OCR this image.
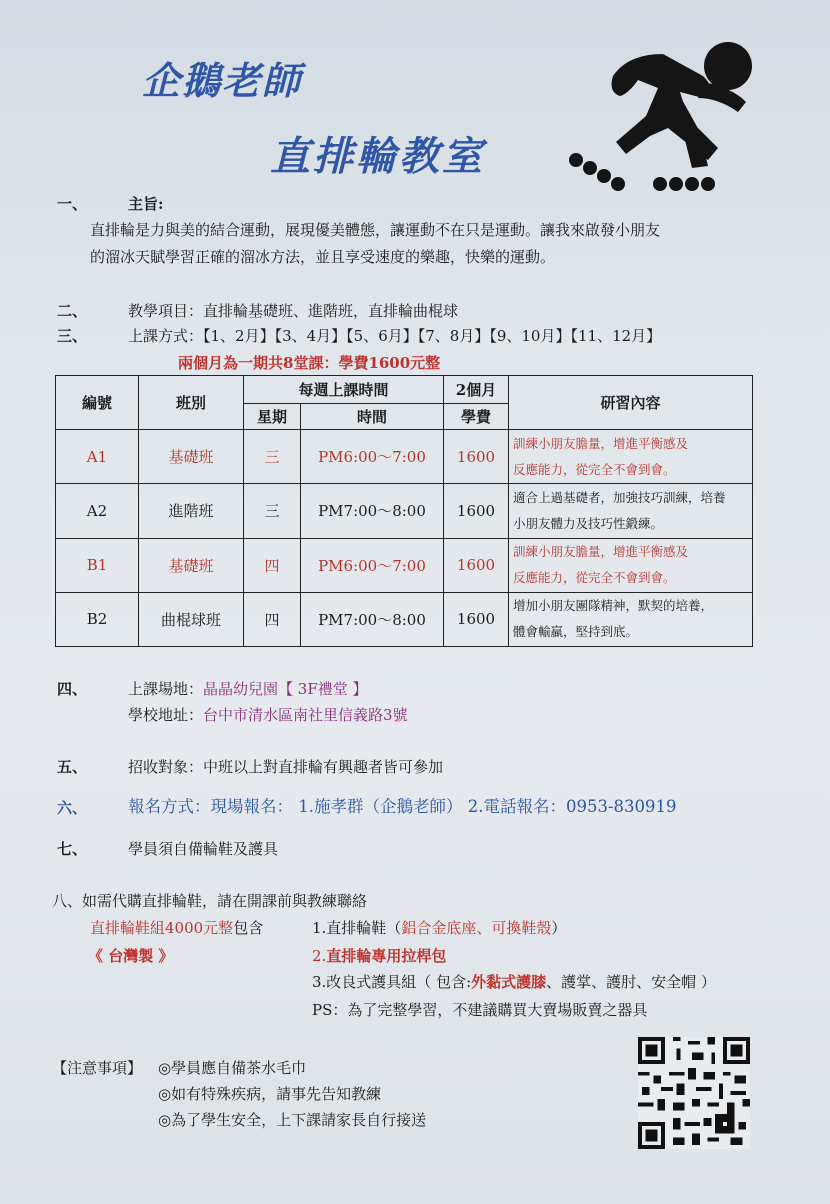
企鵝老師
直排輪教室
一、	主旨:
直排輪是力與美的結合運動，展現優美體態，讓運動不在只是運動。讓我來啟發小朋友
的溜冰天賦學習正確的溜冰方法，並且享受速度的樂趣，快樂的運動。
二、	教學項目：直排輪基礎班、進階班，直排輪曲棍球
三、	上課方式：【1、2月】【3、4月】【5、6月】【7、8月】【9、10月】【11、12月】
兩個月為一期共8堂課：學費1600元整
編號	班別	每週上課時間		2個月	研習內容
		星期	時間	學費	
A1	基礎班	三	PM6:00～7:00	1600	訓練小朋友膽量，增進平衡感及
反應能力，從完全不會到會。

A2	進階班	三	PM7:00～8:00	1600	適合上過基礎者，加強技巧訓練，培養
小朋友體力及技巧性鍛練。

B1	基礎班	四	PM6:00～7:00	1600	訓練小朋友膽量，增進平衡感及
反應能力，從完全不會到會。

B2	曲棍球班	四	PM7:00～8:00	1600	增加小朋友團隊精神，默契的培養，
體會輸贏，堅持到底。
四、	上課場地：晶晶幼兒園【 3F禮堂 】
學校地址：台中市清水區南社里信義路3號
五、	招收對象：中班以上對直排輪有興趣者皆可參加
六、 報名方式：現場報名： 1.施孝群（企鵝老師） 2.電話報名：0953-830919
七、	學員須自備輪鞋及護具
八、如需代購直排輪鞋，請在開課前與教練聯絡
直排輪鞋組4000元整包含
《 台灣製 》
1.直排輪鞋（鋁合金底座、可換鞋殼）
2.直排輪專用拉桿包
3.改良式護具組（ 包含:外黏式護膝、護掌、護肘、安全帽 ）
PS：為了完整學習，不建議購買大賣場販賣之器具
【注意事項】 ◎學員應自備茶水毛巾
◎如有特殊疾病，請事先告知教練
◎為了學生安全，上下課請家長自行接送
